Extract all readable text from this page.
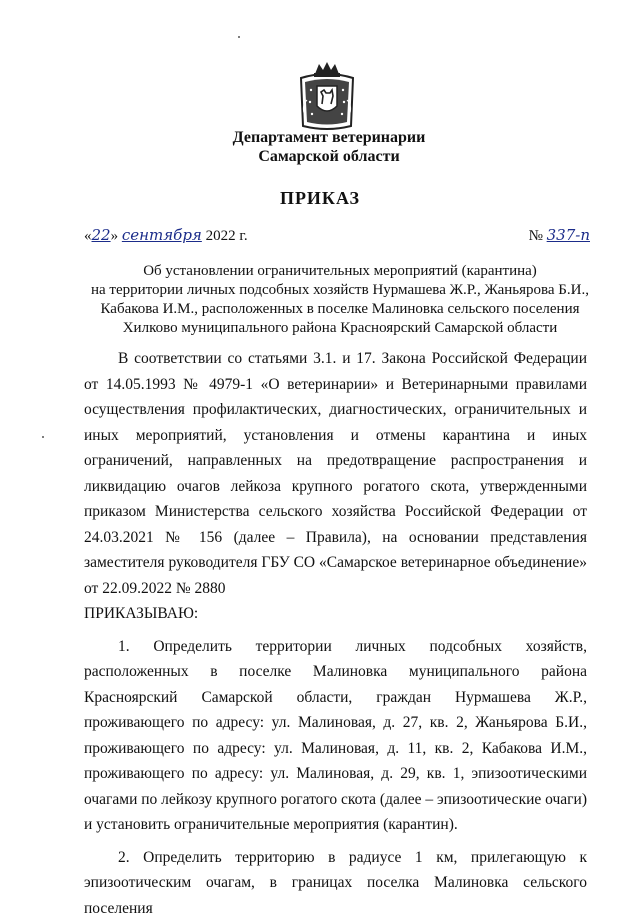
Департамент ветеринарии
Самарской области
ПРИКАЗ
«22» сентября 2022 г.	№ 337-п
Об установлении ограничительных мероприятий (карантина)
на территории личных подсобных хозяйств Нурмашева Ж.Р., Жаньярова Б.И.,
Кабакова И.М., расположенных в поселке Малиновка сельского поселения
Хилково муниципального района Красноярский Самарской области

В соответствии со статьями 3.1. и 17. Закона Российской Федерации от 14.05.1993 № 4979-1 «О ветеринарии» и Ветеринарными правилами осуществления профилактических, диагностических, ограничительных и иных мероприятий, установления и отмены карантина и иных ограничений, направленных на предотвращение распространения и ликвидацию очагов лейкоза крупного рогатого скота, утвержденными приказом Министерства сельского хозяйства Российской Федерации от 24.03.2021 № 156 (далее – Правила), на основании представления заместителя руководителя ГБУ СО «Самарское ветеринарное объединение» от 22.09.2022 № 2880

ПРИКАЗЫВАЮ:

1. Определить территории личных подсобных хозяйств, расположенных в поселке Малиновка муниципального района Красноярский Самарской области, граждан Нурмашева Ж.Р., проживающего по адресу: ул. Малиновая, д. 27, кв. 2, Жаньярова Б.И., проживающего по адресу: ул. Малиновая, д. 11, кв. 2, Кабакова И.М., проживающего по адресу: ул. Малиновая, д. 29, кв. 1, эпизоотическими очагами по лейкозу крупного рогатого скота (далее – эпизоотические очаги) и установить ограничительные мероприятия (карантин).

2. Определить территорию в радиусе 1 км, прилегающую к эпизоотическим очагам, в границах поселка Малиновка сельского поселения
